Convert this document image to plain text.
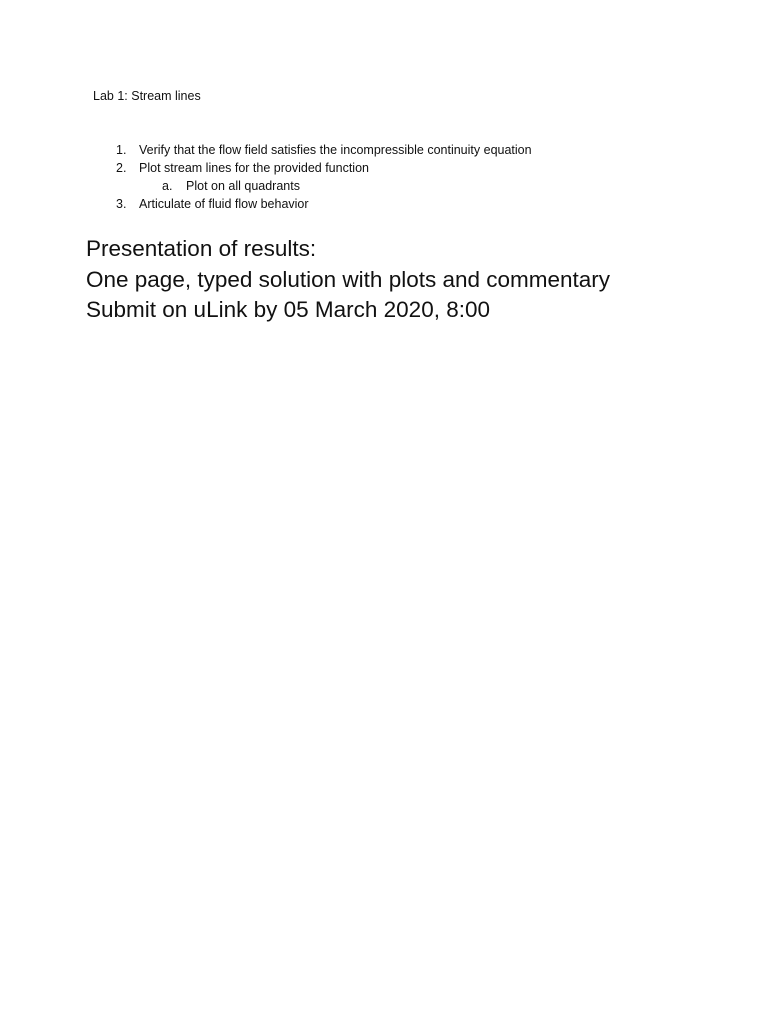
Lab 1: Stream lines
1. Verify that the flow field satisfies the incompressible continuity equation
2. Plot stream lines for the provided function
a. Plot on all quadrants
3. Articulate of fluid flow behavior
Presentation of results:
One page, typed solution with plots and commentary
Submit on uLink by 05 March 2020, 8:00
